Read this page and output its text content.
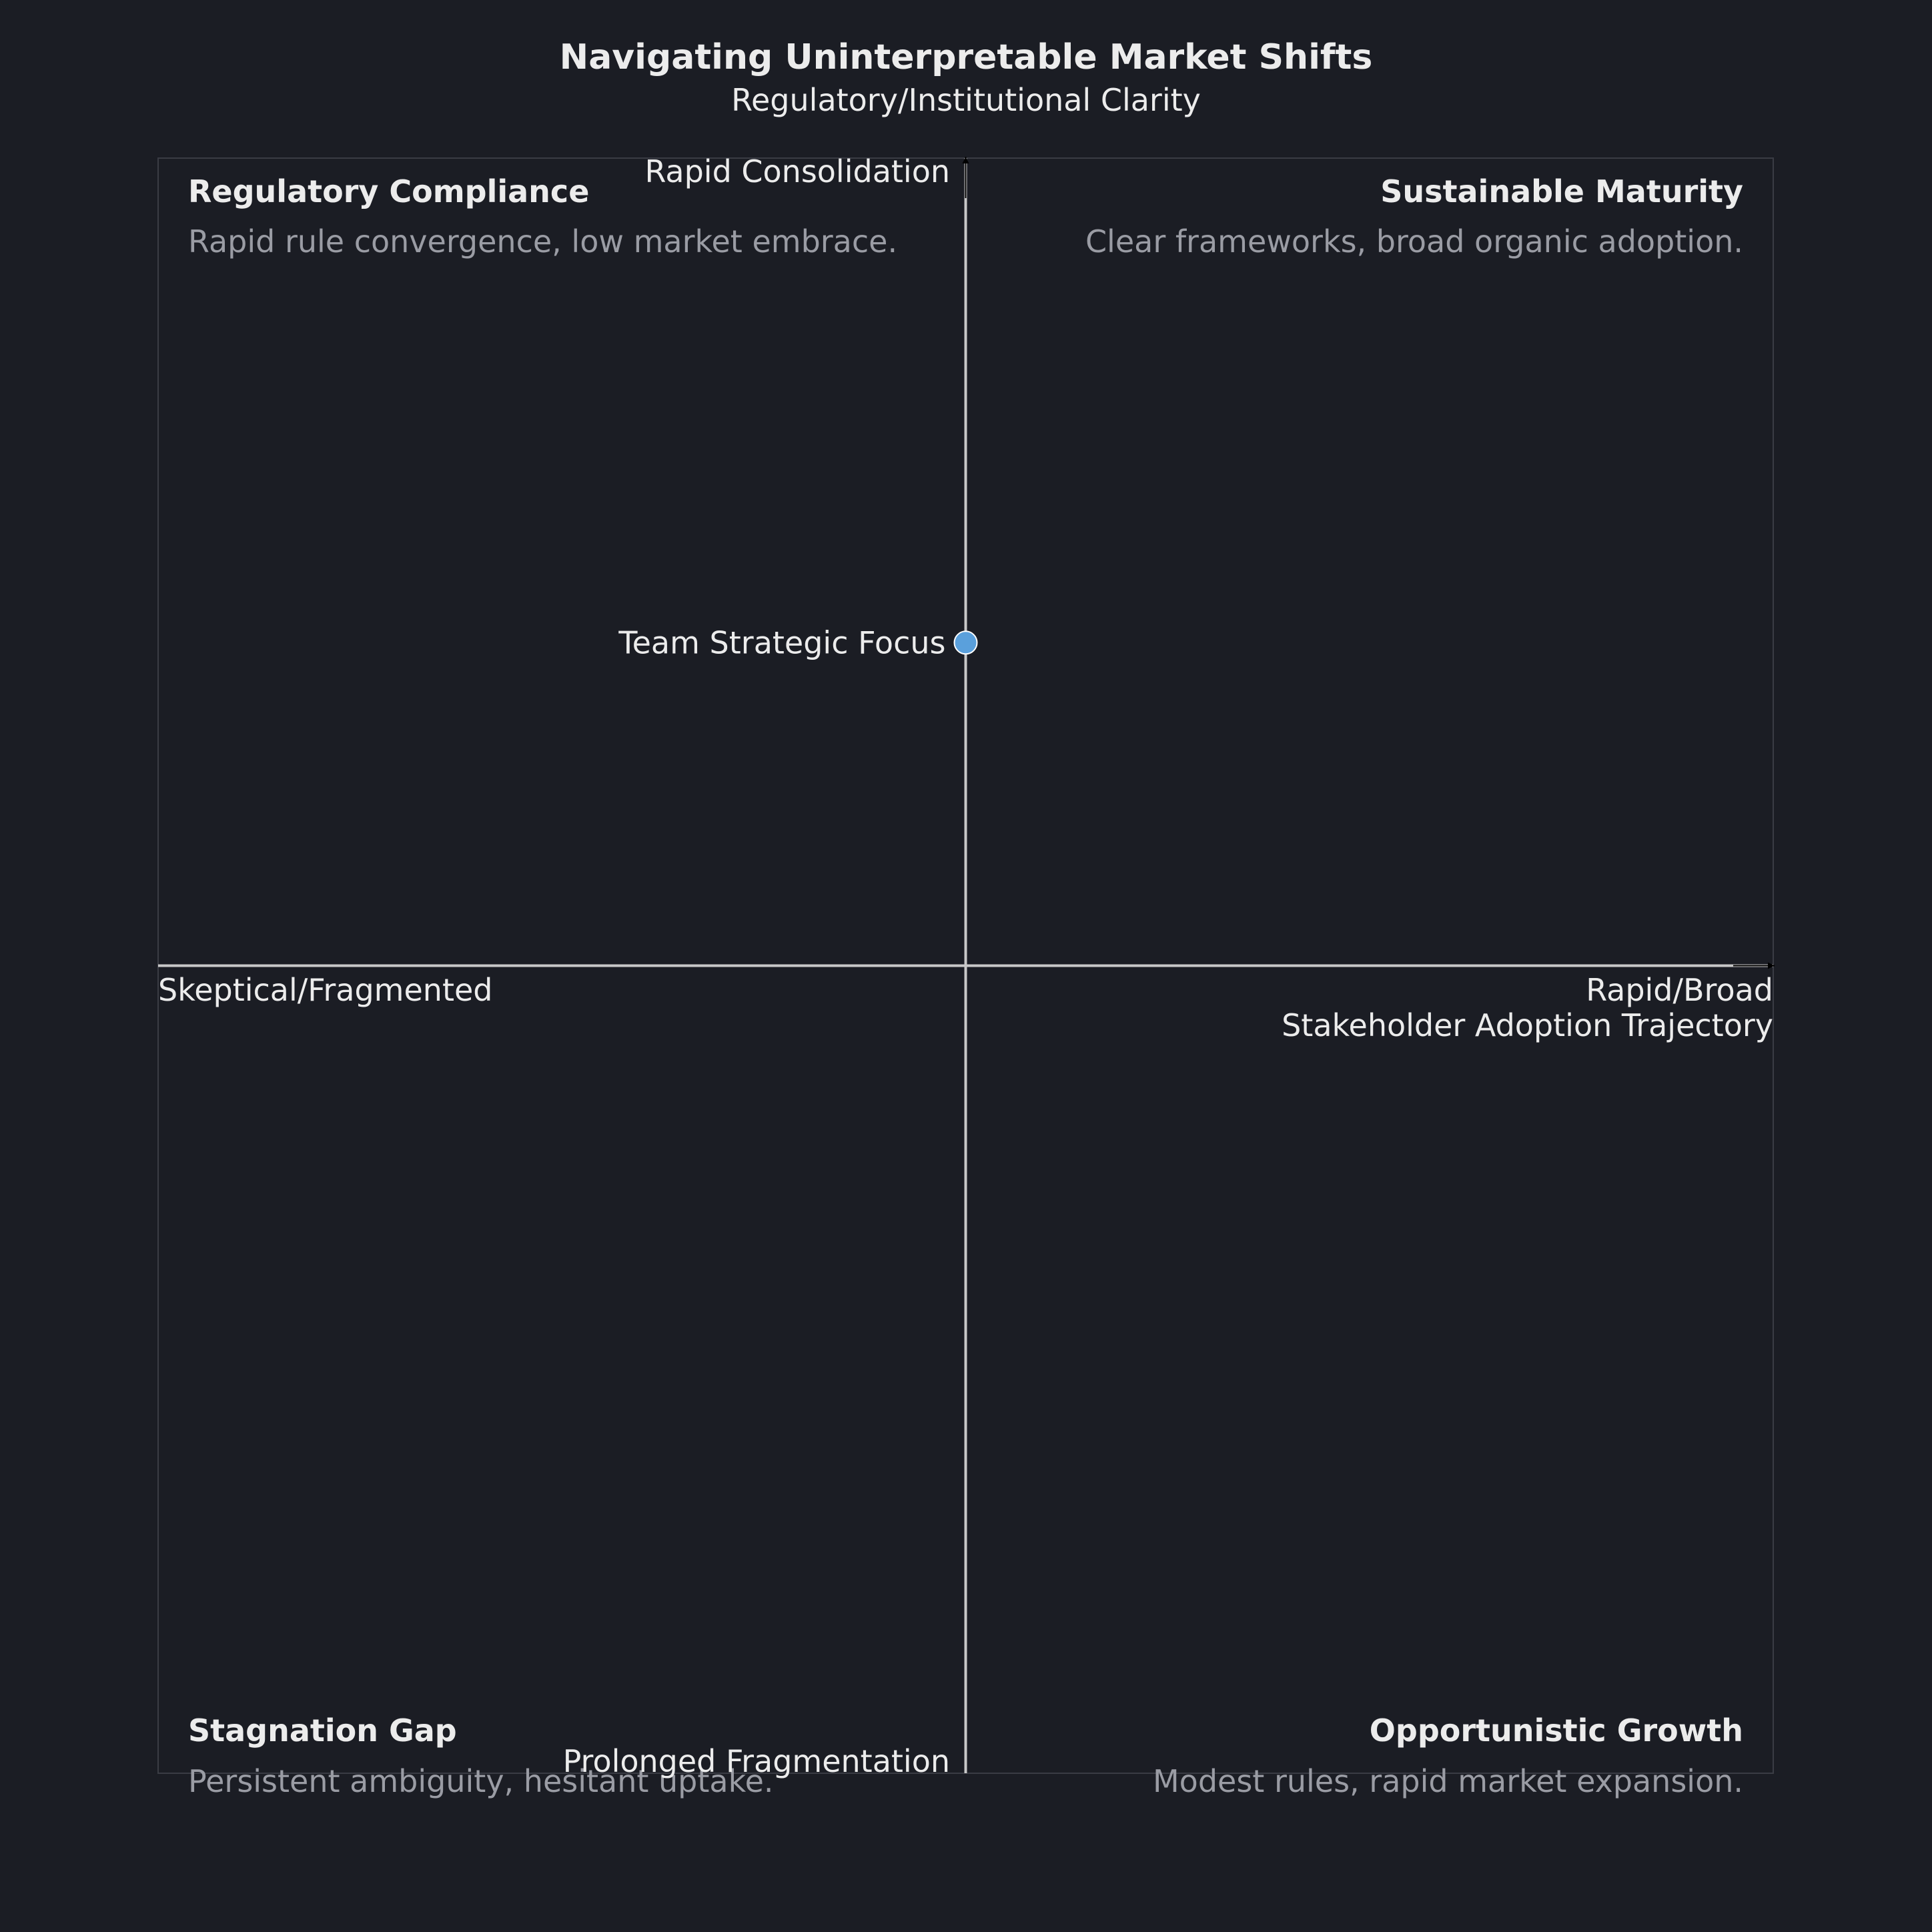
Navigating Uninterpretable Market Shifts
Regulatory/Institutional Clarity
Regulatory Compliance
Rapid rule convergence, low market embrace.
Sustainable Maturity
Clear frameworks, broad organic adoption.
Stagnation Gap
Persistent ambiguity, hesitant uptake.
Opportunistic Growth
Modest rules, rapid market expansion.
Rapid Consolidation
Prolonged Fragmentation
Skeptical/Fragmented	Rapid/Broad
Stakeholder Adoption Trajectory
Team Strategic Focus
